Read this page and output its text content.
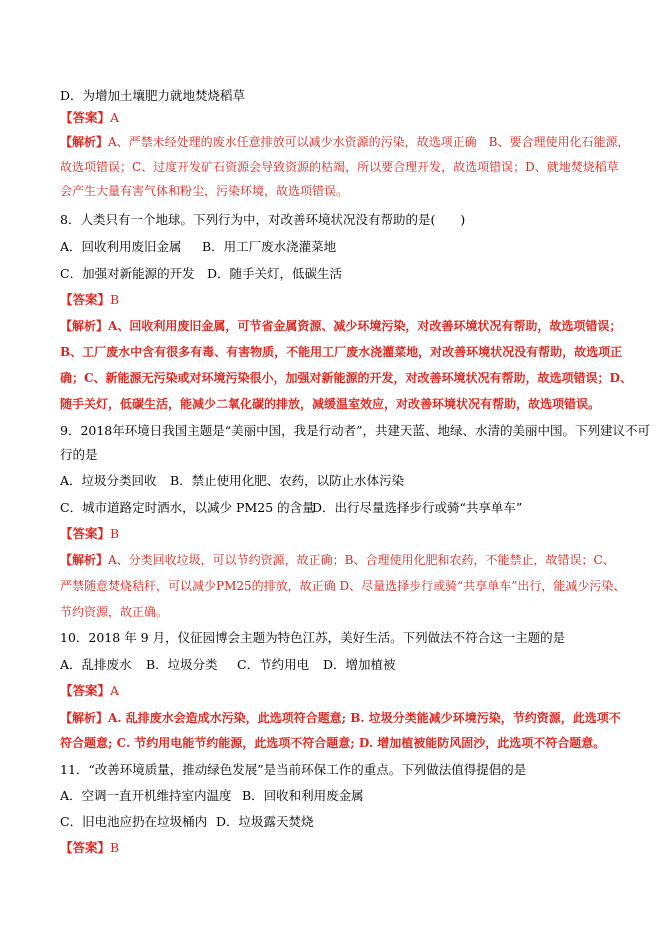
D．为增加土壤肥力就地焚烧稻草
【答案】A
【解析】A、严禁未经处理的废水任意排放可以减少水资源的污染，故选项正确　B、要合理使用化石能源，
故选项错误；C、过度开发矿石资源会导致资源的枯竭，所以要合理开发，故选项错误；D、就地焚烧稻草
会产生大量有害气体和粉尘，污染环境，故选项错误。
8．人类只有一个地球。下列行为中，对改善环境状况没有帮助的是(　　)
A．回收利用废旧金属 B．用工厂废水浇灌菜地
C．加强对新能源的开发 D．随手关灯，低碳生活
【答案】B
【解析】A、回收利用废旧金属，可节省金属资源、减少环境污染，对改善环境状况有帮助，故选项错误；
B、工厂废水中含有很多有毒、有害物质，不能用工厂废水浇灌菜地，对改善环境状况没有帮助，故选项正
确；C、新能源无污染或对环境污染很小，加强对新能源的开发，对改善环境状况有帮助，故选项错误；D、
随手关灯，低碳生活，能减少二氧化碳的排放，减缓温室效应，对改善环境状况有帮助，故选项错误。
9．2018年环境日我国主题是“美丽中国，我是行动者”，共建天蓝、地绿、水清的美丽中国。下列建议不可
行的是
A．垃圾分类回收 B．禁止使用化肥、农药，以防止水体污染
C．城市道路定时洒水，以减少 PM25 的含量D．出行尽量选择步行或骑“共享单车”
【答案】B
【解析】A、分类回收垃圾，可以节约资源，故正确；B、合理使用化肥和农药，不能禁止，故错误；C、
严禁随意焚烧秸秆，可以减少PM25的排放，故正确 D、尽量选择步行或骑“共享单车”出行，能减少污染、
节约资源，故正确。
10．2018 年 9 月，仪征园博会主题为特色江苏，美好生活。下列做法不符合这一主题的是
A．乱排废水 B．垃圾分类 C．节约用电 D．增加植被
【答案】A
【解析】A. 乱排废水会造成水污染，此选项符合题意; B. 垃圾分类能减少环境污染，节约资源，此选项不
符合题意; C. 节约用电能节约能源，此选项不符合题意; D. 增加植被能防风固沙，此选项不符合题意。
11．“改善环境质量，推动绿色发展”是当前环保工作的重点。下列做法值得提倡的是
A．空调一直开机维持室内温度 B．回收和利用废金属
C．旧电池应扔在垃圾桶内 D．垃圾露天焚烧
【答案】B
